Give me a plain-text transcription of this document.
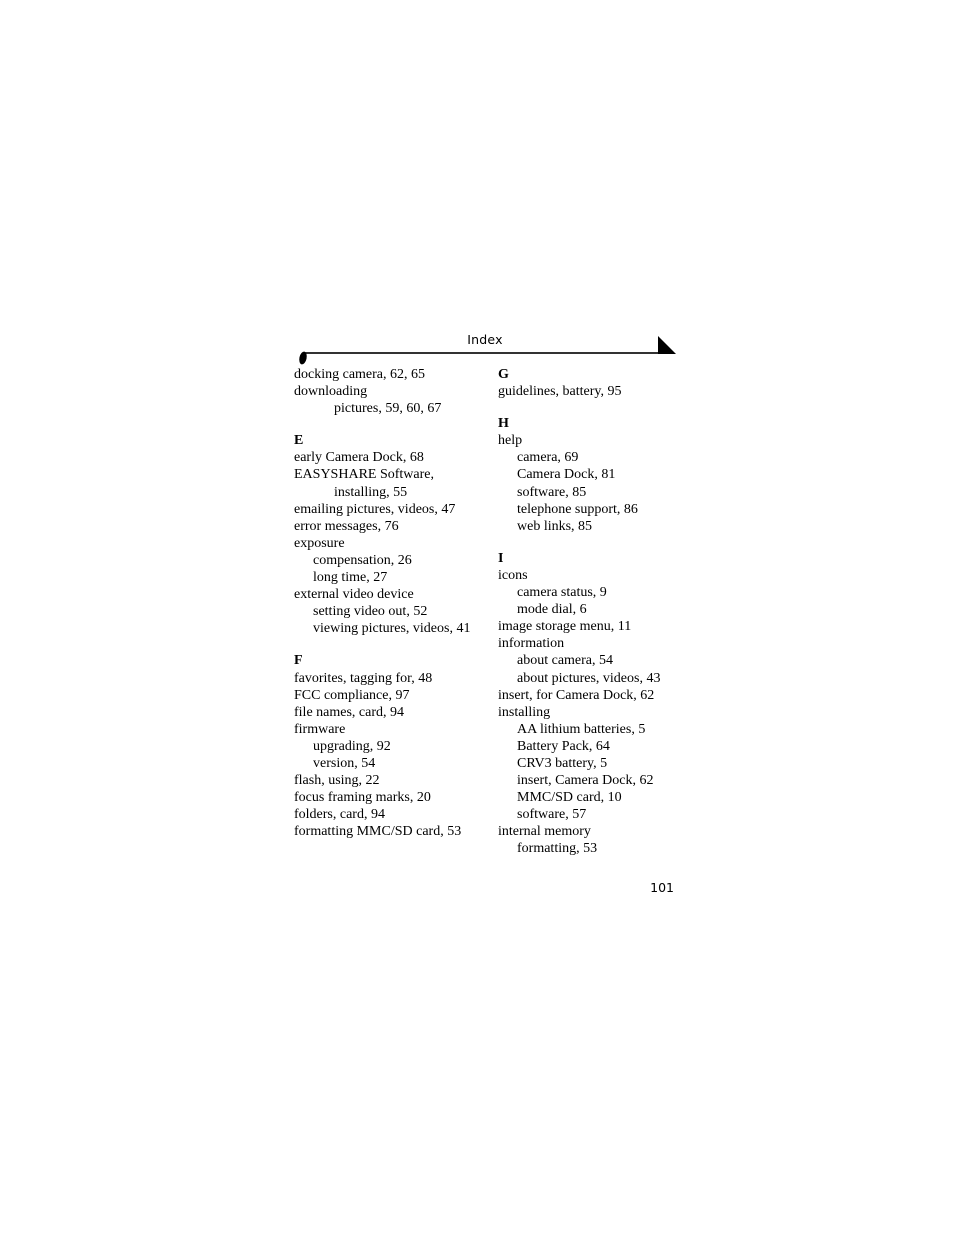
Index
docking camera, 62, 65
downloading
pictures, 59, 60, 67
E
early Camera Dock, 68
EASYSHARE Software,
installing, 55
emailing pictures, videos, 47
error messages, 76
exposure
compensation, 26
long time, 27
external video device
setting video out, 52
viewing pictures, videos, 41
F
favorites, tagging for, 48
FCC compliance, 97
file names, card, 94
firmware
upgrading, 92
version, 54
flash, using, 22
focus framing marks, 20
folders, card, 94
formatting MMC/SD card, 53
G
guidelines, battery, 95
H
help
camera, 69
Camera Dock, 81
software, 85
telephone support, 86
web links, 85
I
icons
camera status, 9
mode dial, 6
image storage menu, 11
information
about camera, 54
about pictures, videos, 43
insert, for Camera Dock, 62
installing
AA lithium batteries, 5
Battery Pack, 64
CRV3 battery, 5
insert, Camera Dock, 62
MMC/SD card, 10
software, 57
internal memory
formatting, 53
101
